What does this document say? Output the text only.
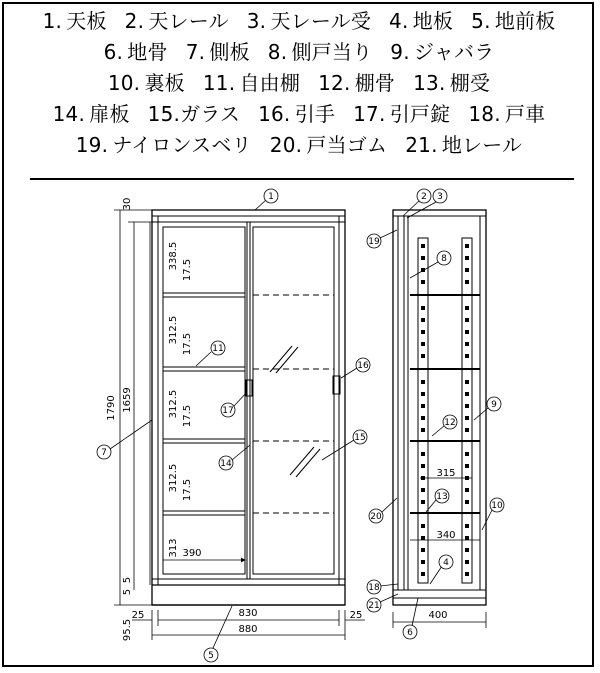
1.  天板 2.  天レール 3.  天レール受 4.  地板 5.  地前板
6.  地骨 7.  側板 8.  側戸当り 9.  ジャバラ
10.  裏板 11.  自由棚 12.  棚骨 13.  棚受
14.  扉板 15.ガラス 16.  引手 17.  引戸錠 18.  戸車
19.  ナイロンスベリ 20.  戸当ゴム 21.  地レール
30
1790 1659
338.5 17.5
312.5 17.5
312.5 17.5
312.5 17.5
313 390
5
5
95.5
25	25
830
880
1
5
7
11
14
15
16
17
315
340
400
2 3
19
8
9
12
13
10
20
4
18
21
6
